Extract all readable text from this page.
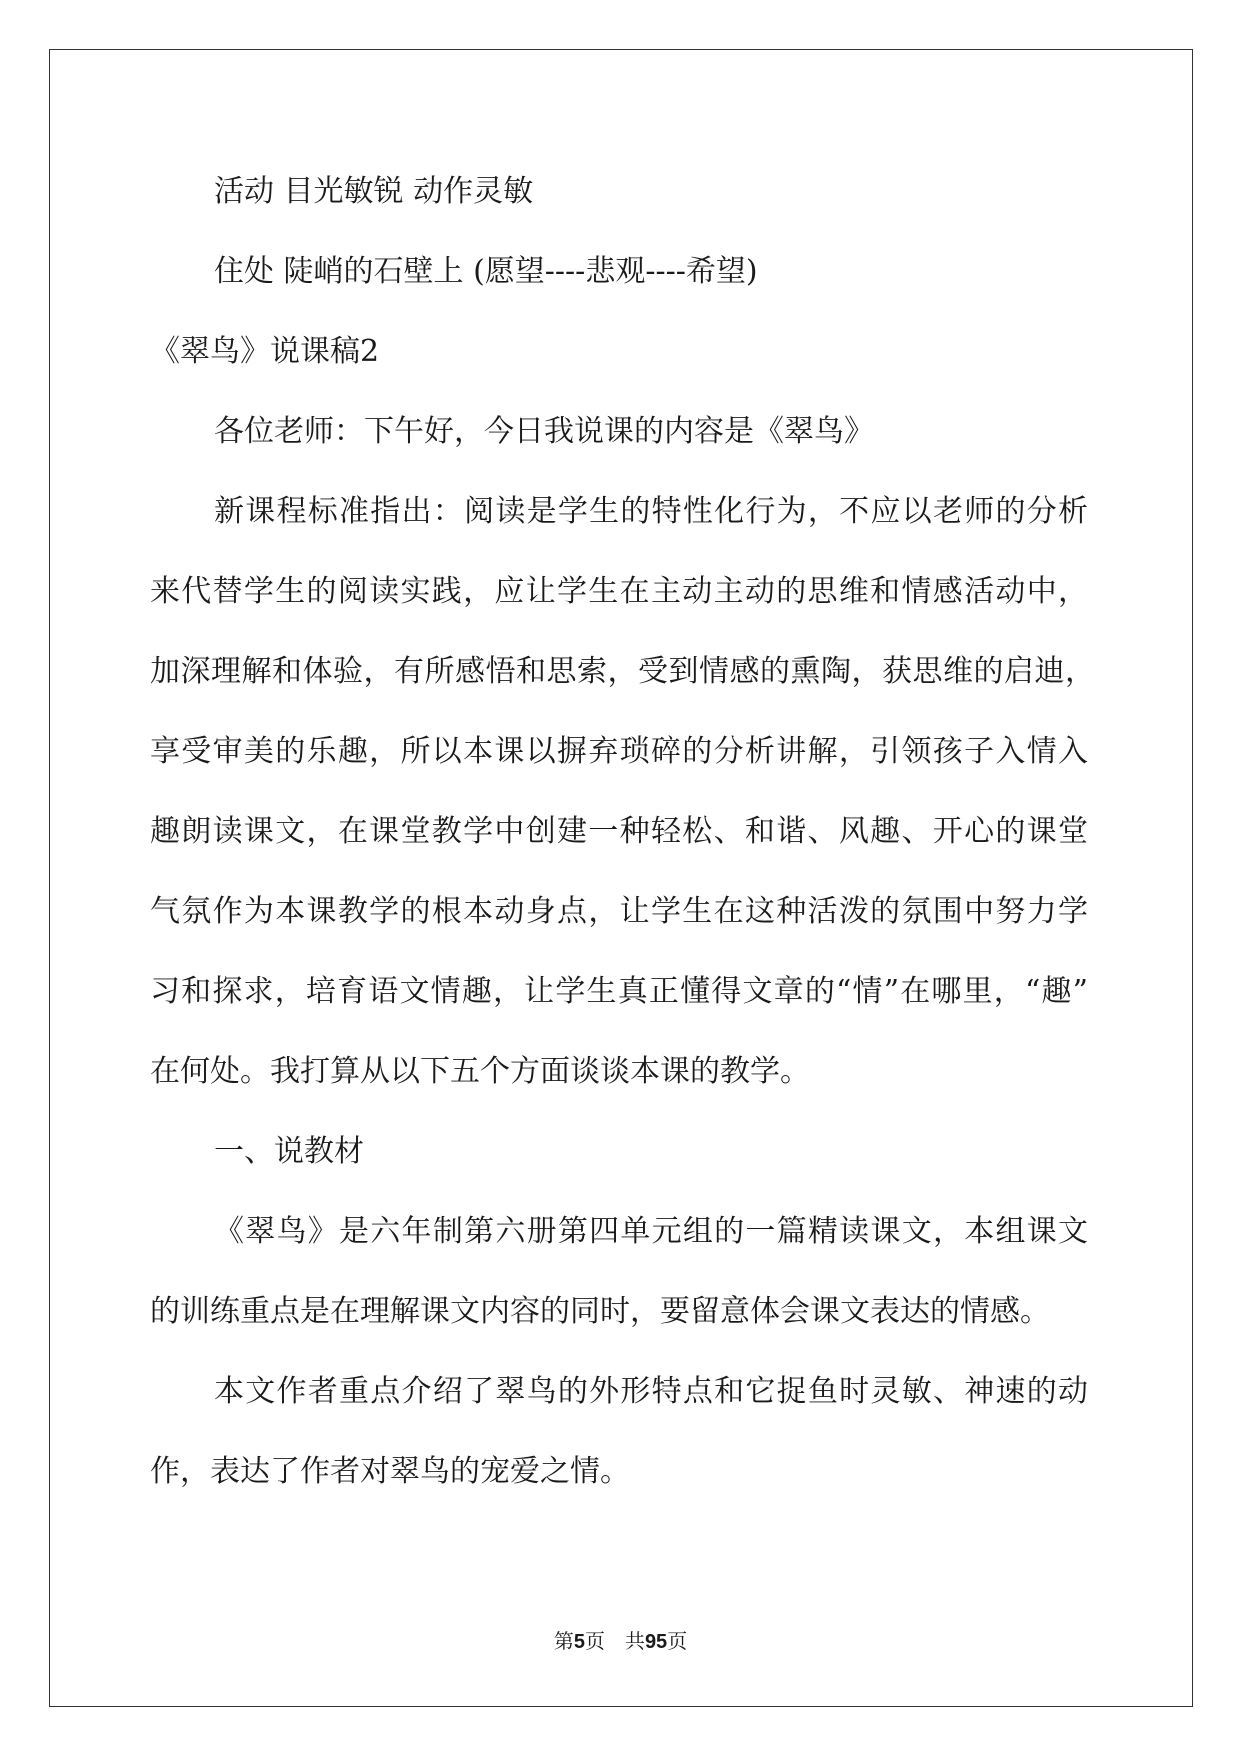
活动 目光敏锐 动作灵敏
住处 陡峭的石壁上 (愿望----悲观----希望)
《翠鸟》说课稿2
各位老师：下午好，今日我说课的内容是《翠鸟》
新课程标准指出：阅读是学生的特性化行为，不应以老师的分析
来代替学生的阅读实践，应让学生在主动主动的思维和情感活动中，
加深理解和体验，有所感悟和思索，受到情感的熏陶，获思维的启迪，
享受审美的乐趣，所以本课以摒弃琐碎的分析讲解，引领孩子入情入
趣朗读课文，在课堂教学中创建一种轻松、和谐、风趣、开心的课堂
气氛作为本课教学的根本动身点，让学生在这种活泼的氛围中努力学
习和探求，培育语文情趣，让学生真正懂得文章的“情”在哪里，“趣”
在何处。我打算从以下五个方面谈谈本课的教学。
一、说教材
《翠鸟》是六年制第六册第四单元组的一篇精读课文，本组课文
的训练重点是在理解课文内容的同时，要留意体会课文表达的情感。
本文作者重点介绍了翠鸟的外形特点和它捉鱼时灵敏、神速的动
作，表达了作者对翠鸟的宠爱之情。
第5页　共95页
